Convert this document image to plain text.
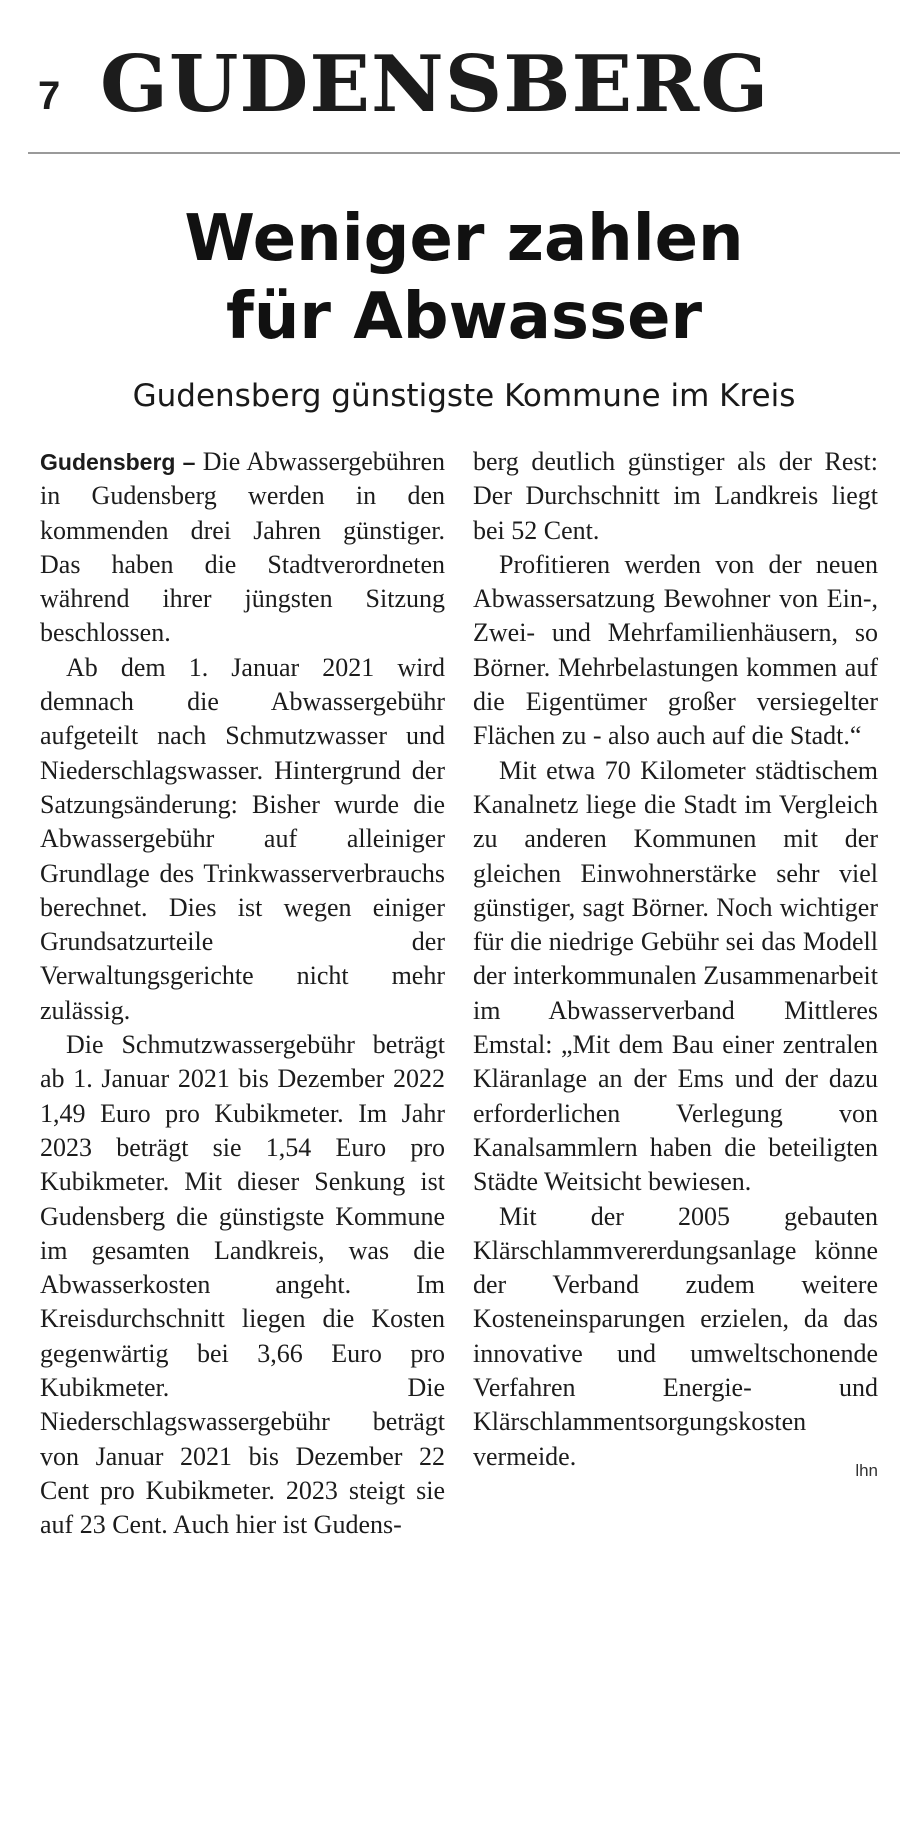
7 GUDENSBERG
Weniger zahlen
für Abwasser
Gudensberg günstigste Kommune im Kreis

Gudensberg – Die Abwassergebühren in Gudensberg werden in den kommenden drei Jahren günstiger. Das haben die Stadtverordneten während ihrer jüngsten Sitzung beschlossen.

Ab dem 1. Januar 2021 wird demnach die Abwassergebühr aufgeteilt nach Schmutzwasser und Niederschlagswasser. Hintergrund der Satzungsänderung: Bisher wurde die Abwassergebühr auf alleiniger Grundlage des Trinkwasserverbrauchs berechnet. Dies ist wegen einiger Grundsatzurteile der Verwaltungsgerichte nicht mehr zulässig.

Die Schmutzwassergebühr beträgt ab 1. Januar 2021 bis Dezember 2022 1,49 Euro pro Kubikmeter. Im Jahr 2023 beträgt sie 1,54 Euro pro Kubikmeter. Mit dieser Senkung ist Gudensberg die günstigste Kommune im gesamten Landkreis, was die Abwasserkosten angeht. Im Kreisdurchschnitt liegen die Kosten gegenwärtig bei 3,66 Euro pro Kubikmeter. Die Niederschlagswassergebühr beträgt von Januar 2021 bis Dezember 22 Cent pro Kubikmeter. 2023 steigt sie auf 23 Cent. Auch hier ist Gudens-

berg deutlich günstiger als der Rest: Der Durchschnitt im Landkreis liegt bei 52 Cent.

Profitieren werden von der neuen Abwassersatzung Bewohner von Ein-, Zwei- und Mehrfamilienhäusern, so Börner. Mehrbelastungen kommen auf die Eigentümer großer versiegelter Flächen zu - also auch auf die Stadt.“

Mit etwa 70 Kilometer städtischem Kanalnetz liege die Stadt im Vergleich zu anderen Kommunen mit der gleichen Einwohnerstärke sehr viel günstiger, sagt Börner. Noch wichtiger für die niedrige Gebühr sei das Modell der interkommunalen Zusammenarbeit im Abwasserverband Mittleres Emstal: „Mit dem Bau einer zentralen Kläranlage an der Ems und der dazu erforderlichen Verlegung von Kanalsammlern haben die beteiligten Städte Weitsicht bewiesen.

Mit der 2005 gebauten Klärschlammvererdungsanlage könne der Verband zudem weitere Kosteneinsparungen erzielen, da das innovative und umweltschonende Verfahren Energie- und Klärschlammentsorgungskosten vermeide.	lhn
